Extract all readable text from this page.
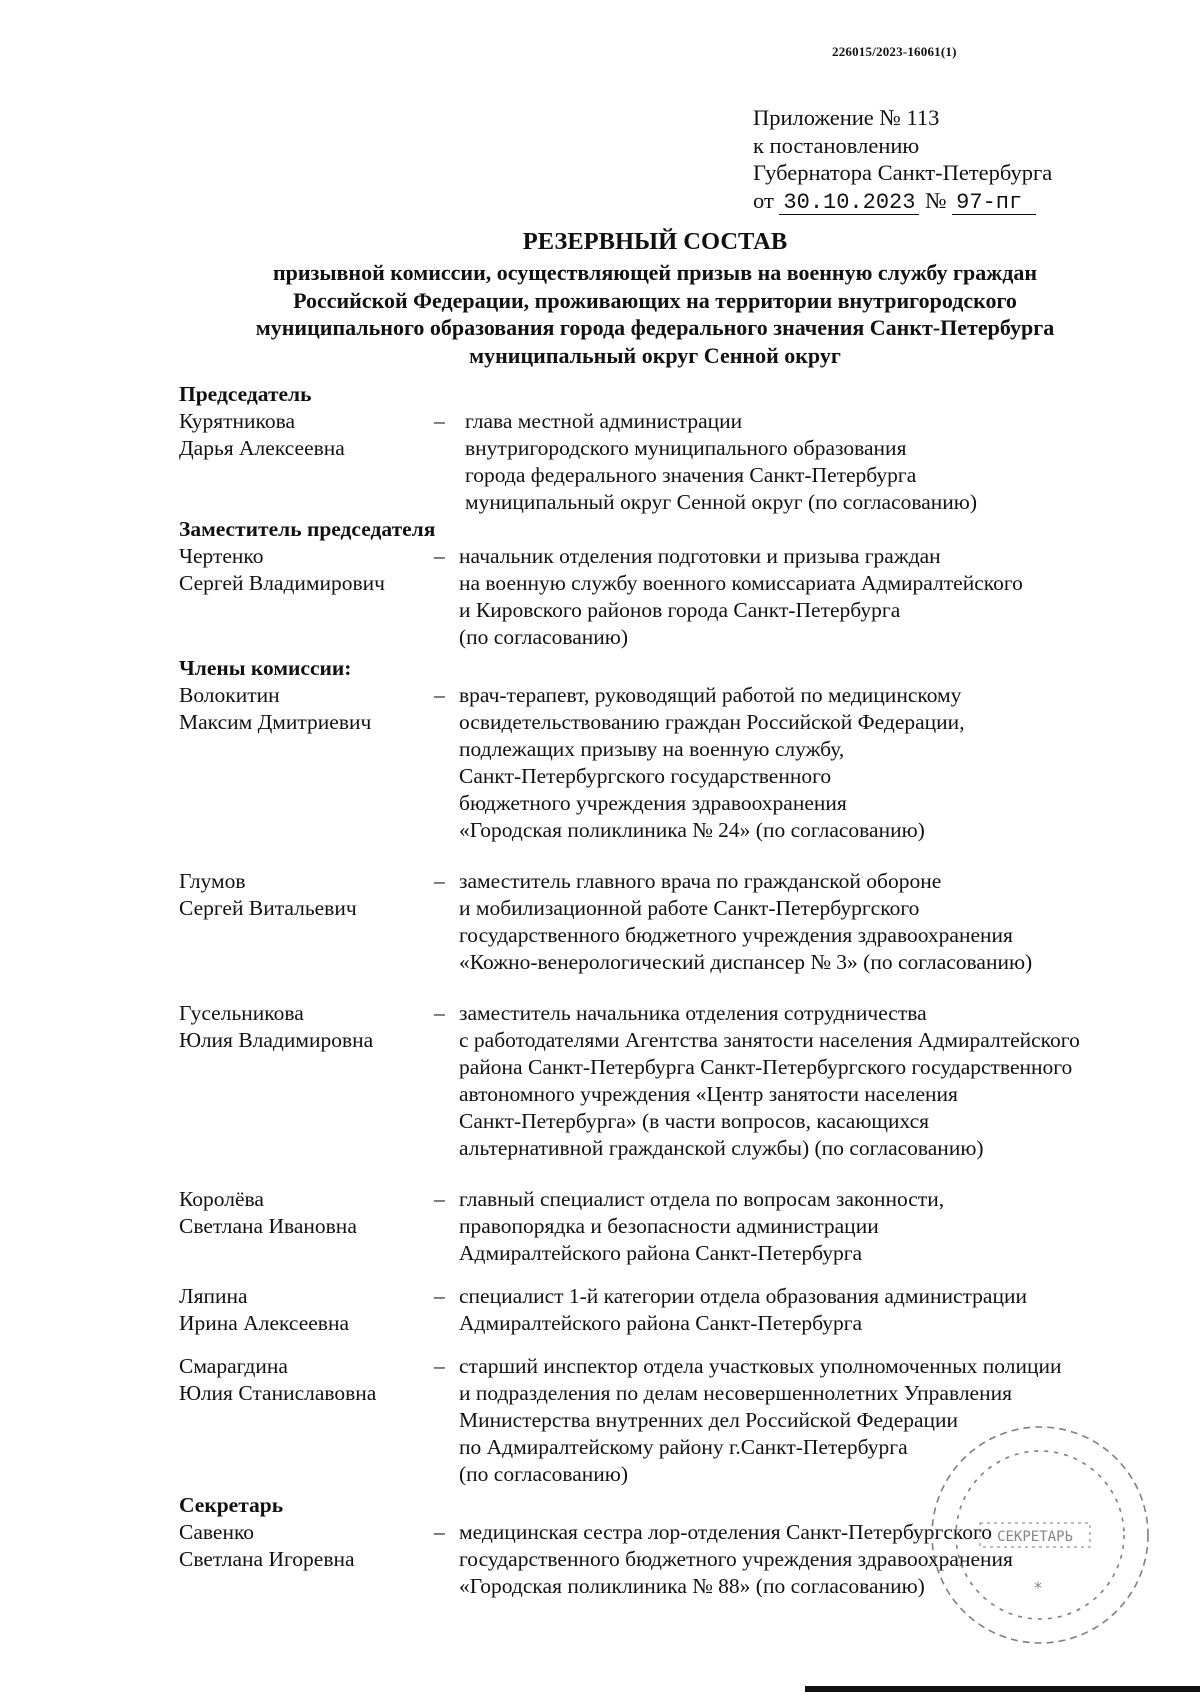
226015/2023-16061(1)
Приложение № 113
к постановлению
Губернатора Санкт-Петербурга
от 30.10.2023 № 97-пг
РЕЗЕРВНЫЙ СОСТАВ
призывной комиссии, осуществляющей призыв на военную службу граждан
Российской Федерации, проживающих на территории внутригородского
муниципального образования города федерального значения Санкт-Петербурга
муниципальный округ Сенной округ
Председатель
Курятникова
Дарья Алексеевна
– глава местной администрации
внутригородского муниципального образования
города федерального значения Санкт-Петербурга
муниципальный округ Сенной округ (по согласованию)
Заместитель председателя
Чертенко
Сергей Владимирович
– начальник отделения подготовки и призыва граждан
на военную службу военного комиссариата Адмиралтейского
и Кировского районов города Санкт-Петербурга
(по согласованию)
Члены комиссии:
Волокитин
Максим Дмитриевич
– врач-терапевт, руководящий работой по медицинскому
освидетельствованию граждан Российской Федерации,
подлежащих призыву на военную службу,
Санкт-Петербургского государственного
бюджетного учреждения здравоохранения
«Городская поликлиника № 24» (по согласованию)
Глумов
Сергей Витальевич
– заместитель главного врача по гражданской обороне
и мобилизационной работе Санкт-Петербургского
государственного бюджетного учреждения здравоохранения
«Кожно-венерологический диспансер № 3» (по согласованию)
Гусельникова
Юлия Владимировна
– заместитель начальника отделения сотрудничества
с работодателями Агентства занятости населения Адмиралтейского
района Санкт-Петербурга Санкт-Петербургского государственного
автономного учреждения «Центр занятости населения
Санкт-Петербурга» (в части вопросов, касающихся
альтернативной гражданской службы) (по согласованию)
Королёва
Светлана Ивановна
– главный специалист отдела по вопросам законности,
правопорядка и безопасности администрации
Адмиралтейского района Санкт-Петербурга
Ляпина
Ирина Алексеевна
– специалист 1-й категории отдела образования администрации
Адмиралтейского района Санкт-Петербурга
Смарагдина
Юлия Станиславовна
– старший инспектор отдела участковых уполномоченных полиции
и подразделения по делам несовершеннолетних Управления
Министерства внутренних дел Российской Федерации
по Адмиралтейскому району г.Санкт-Петербурга
(по согласованию)
Секретарь
Савенко
Светлана Игоревна
– медицинская сестра лор-отделения Санкт-Петербургского
государственного бюджетного учреждения здравоохранения
«Городская поликлиника № 88» (по согласованию)
СЕКРЕТАРЬ
*
